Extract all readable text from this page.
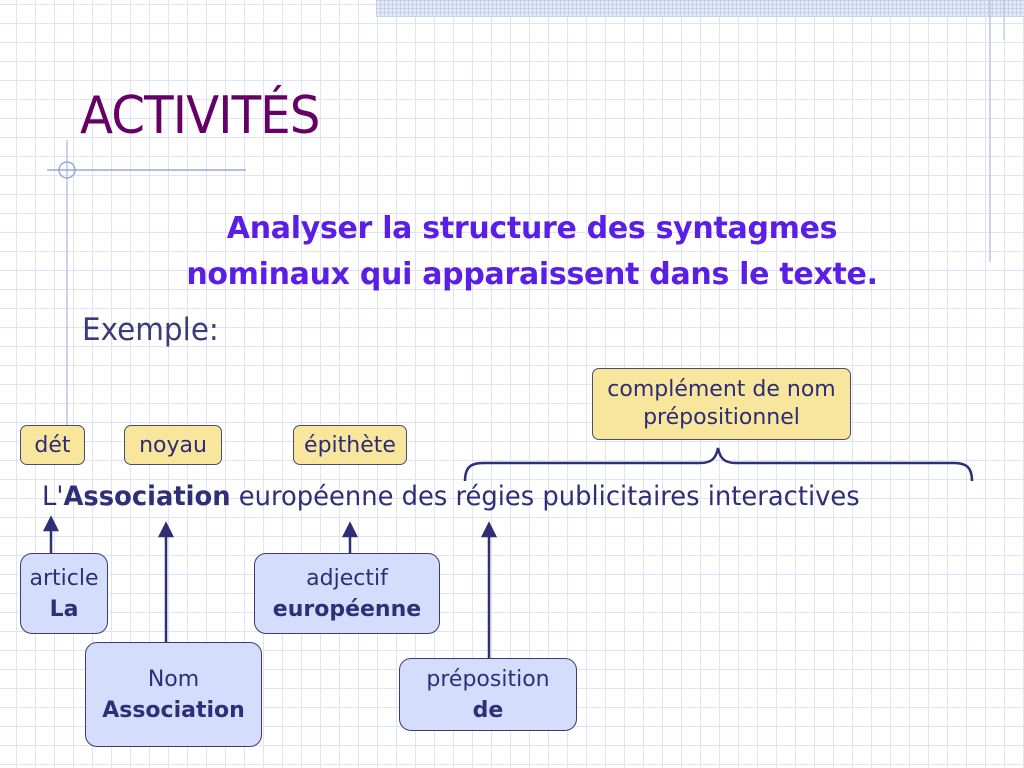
ACTIVITÉS
Analyser la structure des syntagmes
nominaux qui apparaissent dans le texte.
Exemple:
dét	noyau	épithète
complément de nom
prépositionnel
L'Association européenne des régies publicitaires interactives
article
La
Nom
Association
adjectif
européenne
préposition
de
